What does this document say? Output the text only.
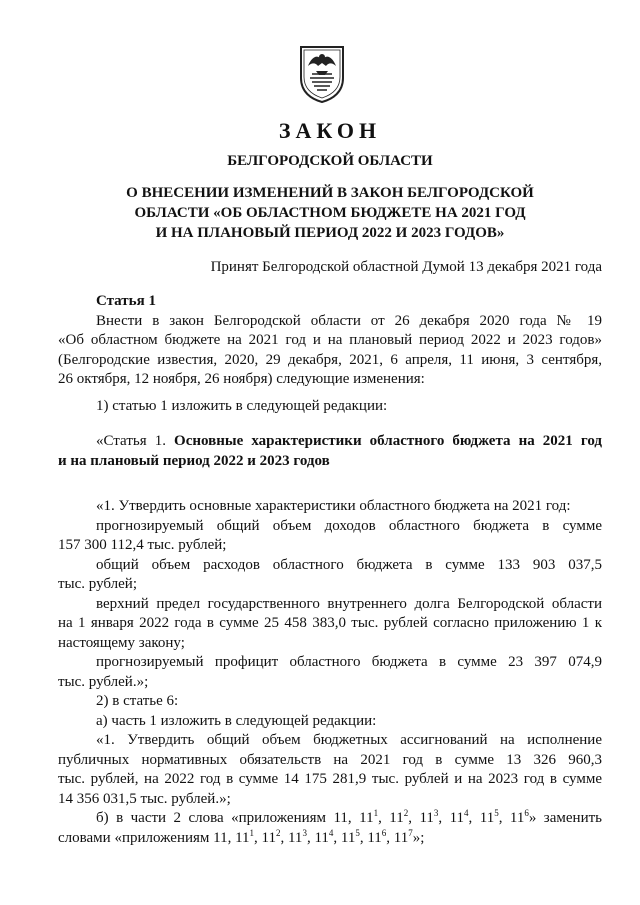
ЗАКОН
БЕЛГОРОДСКОЙ ОБЛАСТИ
О ВНЕСЕНИИ ИЗМЕНЕНИЙ В ЗАКОН БЕЛГОРОДСКОЙ
ОБЛАСТИ «ОБ ОБЛАСТНОМ БЮДЖЕТЕ НА 2021 ГОД
И НА ПЛАНОВЫЙ ПЕРИОД 2022 И 2023 ГОДОВ»
Принят Белгородской областной Думой 13 декабря 2021 года
Статья 1
Внести в закон Белгородской области от 26 декабря 2020 года № 19
«Об областном бюджете на 2021 год и на плановый период 2022 и 2023 годов»
(Белгородские известия, 2020, 29 декабря, 2021, 6 апреля, 11 июня, 3 сентября,
26 октября, 12 ноября, 26 ноября) следующие изменения:
1) статью 1 изложить в следующей редакции:
«Статья 1. Основные характеристики областного бюджета на 2021 год
и на плановый период 2022 и 2023 годов
«1. Утвердить основные характеристики областного бюджета на 2021 год:
прогнозируемый общий объем доходов областного бюджета в сумме
157 300 112,4 тыс. рублей;
общий объем расходов областного бюджета в сумме 133 903 037,5
тыс. рублей;
верхний предел государственного внутреннего долга Белгородской области
на 1 января 2022 года в сумме 25 458 383,0 тыс. рублей согласно приложению 1 к
настоящему закону;
прогнозируемый профицит областного бюджета в сумме 23 397 074,9
тыс. рублей.»;
2) в статье 6:
а) часть 1 изложить в следующей редакции:
«1. Утвердить общий объем бюджетных ассигнований на исполнение
публичных нормативных обязательств на 2021 год в сумме 13 326 960,3
тыс. рублей, на 2022 год в сумме 14 175 281,9 тыс. рублей и на 2023 год в сумме
14 356 031,5 тыс. рублей.»;
б) в части 2 слова «приложениям 11, $11^1$, $11^2$, $11^3$, $11^4$, $11^5$, $11^6$» заменить
словами «приложениям 11, $11^1$, $11^2$, $11^3$, $11^4$, $11^5$, $11^6$, $11^7$»;
